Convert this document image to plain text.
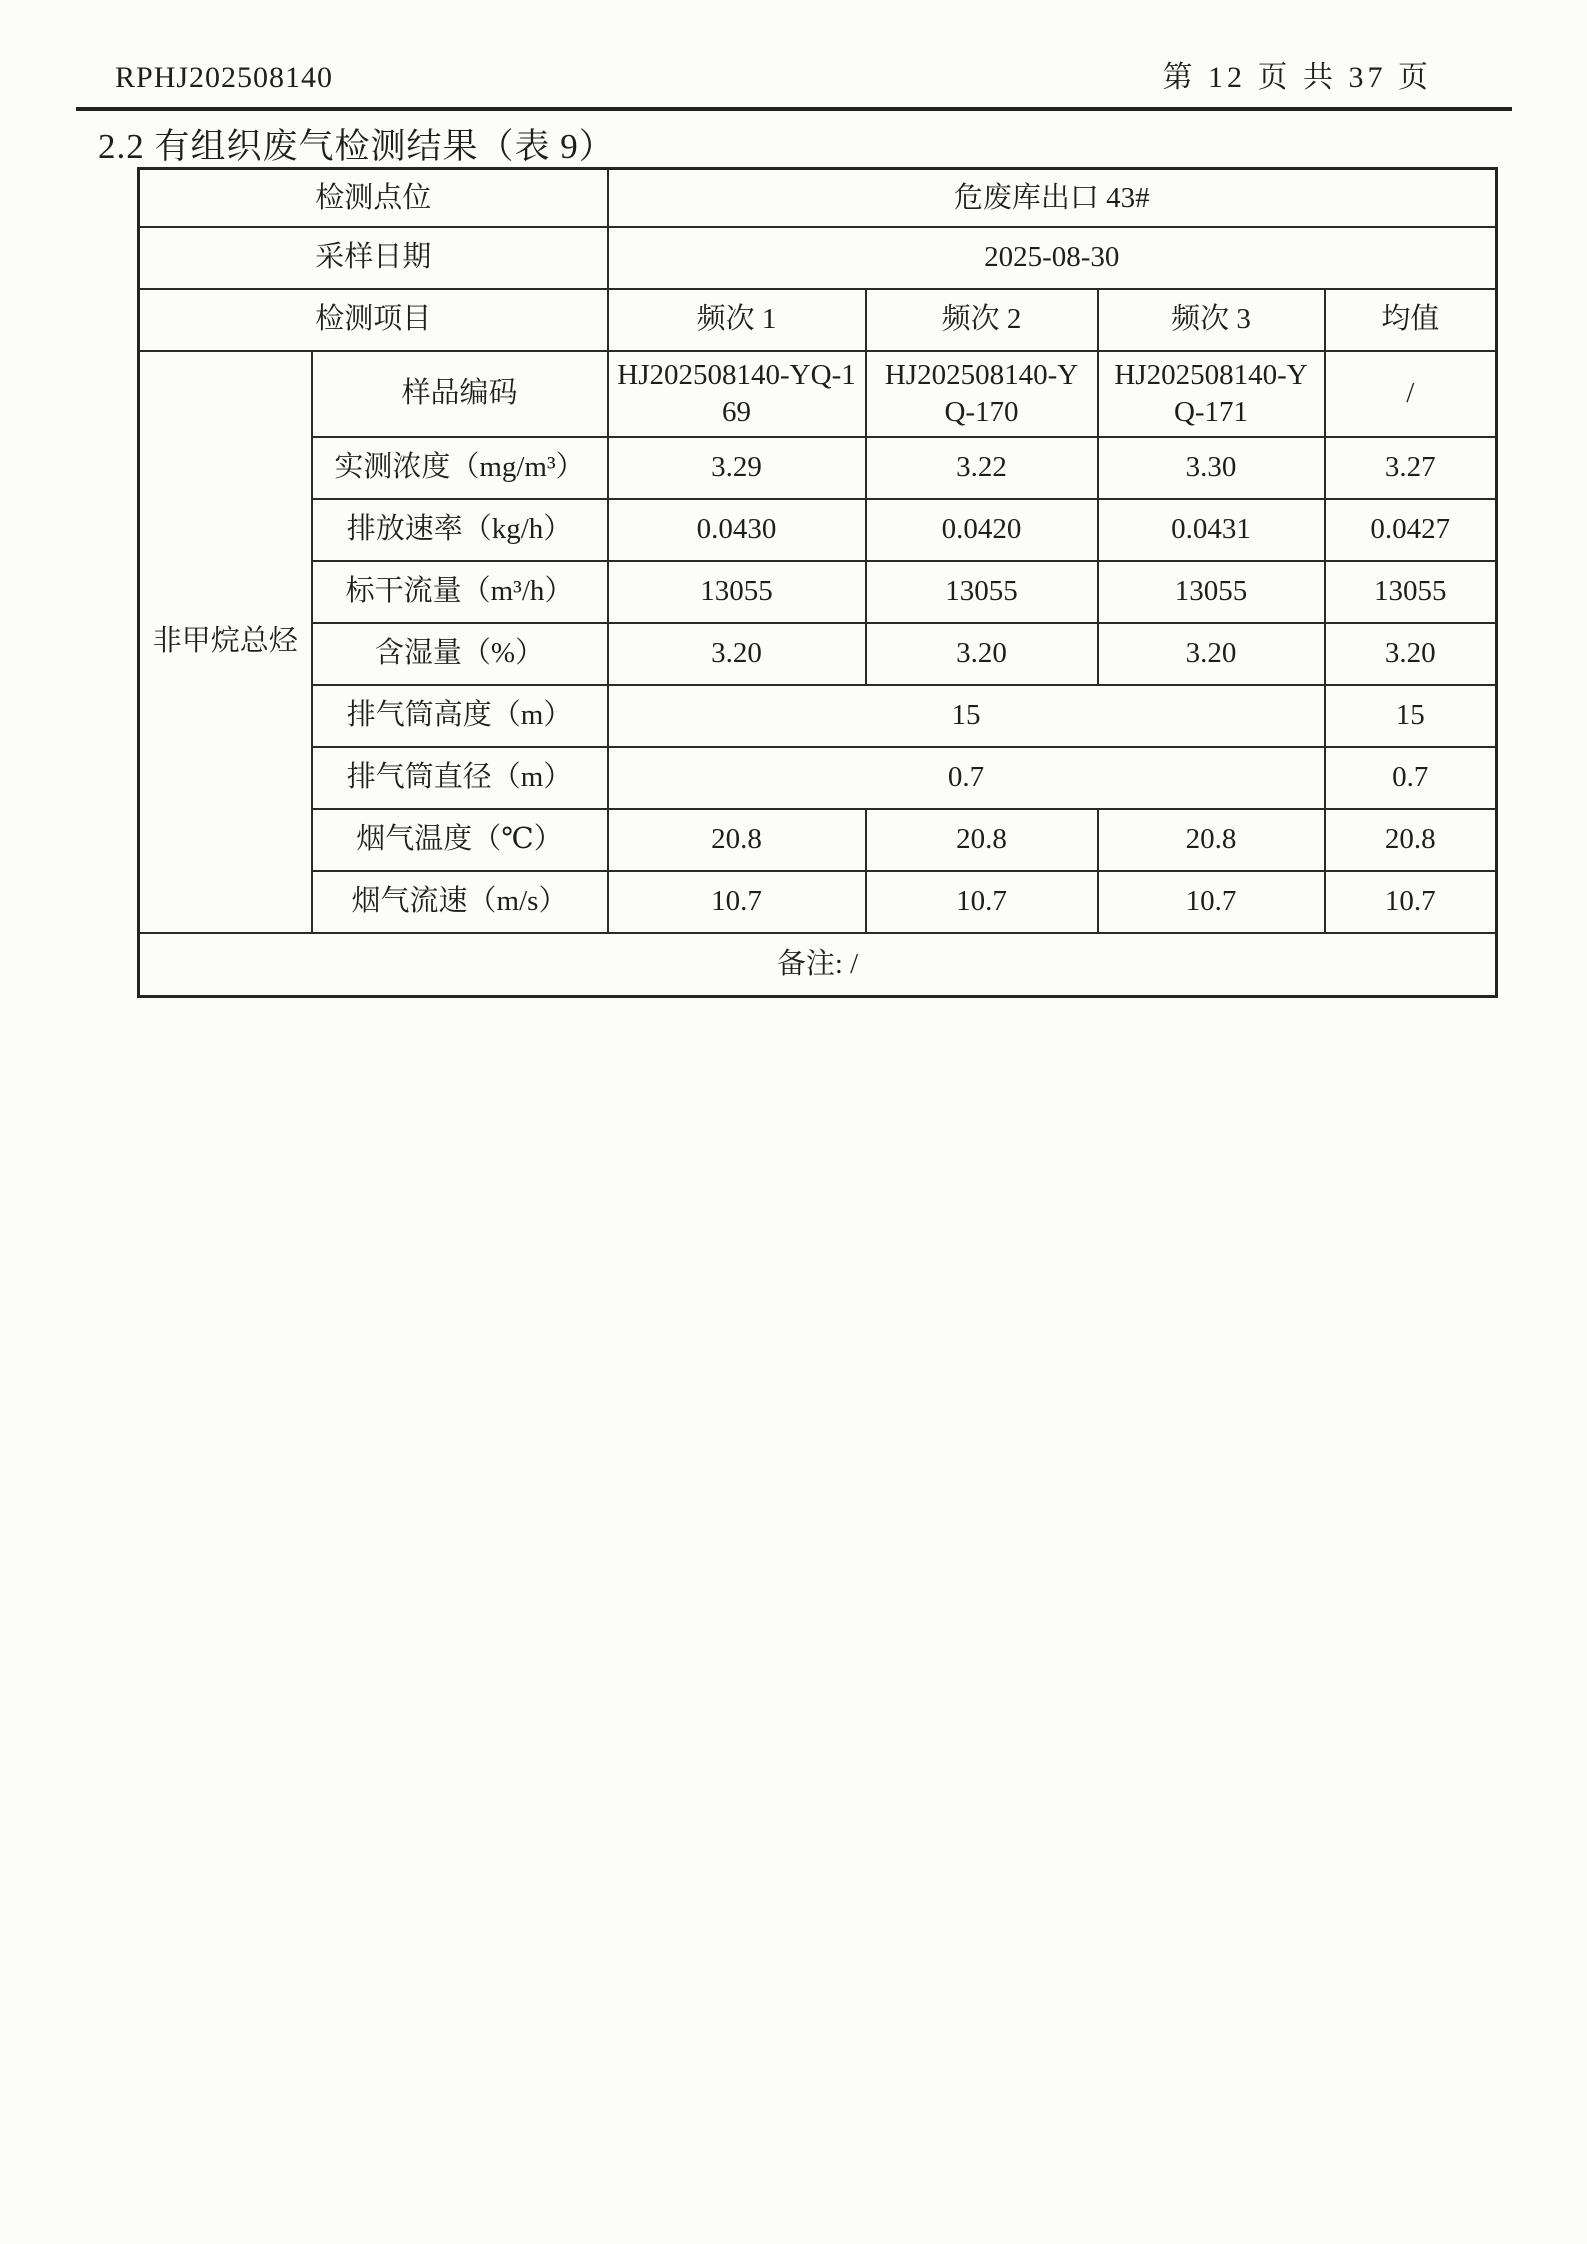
RPHJ202508140	第 12 页 共 37 页
2.2 有组织废气检测结果（表 9）
检测点位		危废库出口 43#			
采样日期		2025-08-30			
检测项目		频次 1	频次 2	频次 3	均值
非甲烷总烃	样品编码	HJ202508140-YQ-169	HJ202508140-YQ-170	HJ202508140-YQ-171	/
	实测浓度（mg/m³）	3.29	3.22	3.30	3.27
	排放速率（kg/h）	0.0430	0.0420	0.0431	0.0427
	标干流量（m³/h）	13055	13055	13055	13055
	含湿量（%）	3.20	3.20	3.20	3.20
	排气筒高度（m）	15			15
	排气筒直径（m）	0.7			0.7
	烟气温度（℃）	20.8	20.8	20.8	20.8
	烟气流速（m/s）	10.7	10.7	10.7	10.7
备注: /					
